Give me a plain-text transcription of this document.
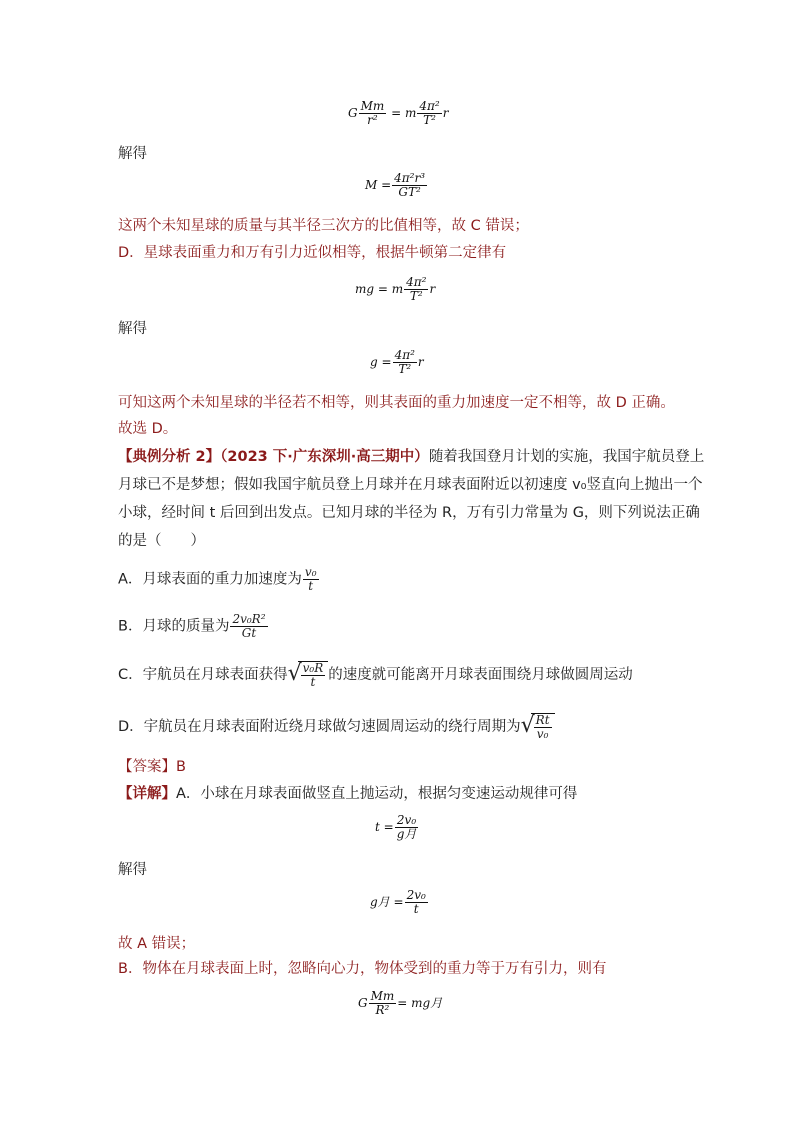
G $\frac{Mm}{\text{r²}} = m \frac{\text{4π²}}{\text{T²}}$ r
解得
$M = \frac{\text{4π²r³}}{\text{GT²}}$
这两个未知星球的质量与其半径三次方的比值相等，故 C 错误；
D．星球表面重力和万有引力近似相等，根据牛顿第二定律有
mg = m $\frac{\text{4π²}}{\text{T²}}$ r
解得
$g = \frac{\text{4π²}}{\text{T²}}$ r
可知这两个未知星球的半径若不相等，则其表面的重力加速度一定不相等，故 D 正确。
故选 D。
【典例分析 2】（2023 下·广东深圳·高三期中）随着我国登月计划的实施，我国宇航员登上
月球已不是梦想；假如我国宇航员登上月球并在月球表面附近以初速度 v₀竖直向上抛出一个
小球，经时间 t 后回到出发点。已知月球的半径为 R，万有引力常量为 G，则下列说法正确
的是（　　）
A．月球表面的重力加速度为 $\frac{\text{v₀}}{t}$
B．月球的质量为 $\frac{\text{2v₀R²}}{Gt}$
C．宇航员在月球表面获得 √
$\frac{\text{v₀R}}{t}$ 的速度就可能离开月球表面围绕月球做圆周运动
D．宇航员在月球表面附近绕月球做匀速圆周运动的绕行周期为 √
$\frac{Rt}{\text{v₀}}$
【答案】B
【详解】A．小球在月球表面做竖直上抛运动，根据匀变速运动规律可得
$t = \frac{\text{2v₀}}{\text{g月}}$
解得
g月 = $\frac{\text{2v₀}}{t}$
故 A 错误；
B．物体在月球表面上时，忽略向心力，物体受到的重力等于万有引力，则有
G $\frac{Mm}{\text{R²}}$ = mg月
